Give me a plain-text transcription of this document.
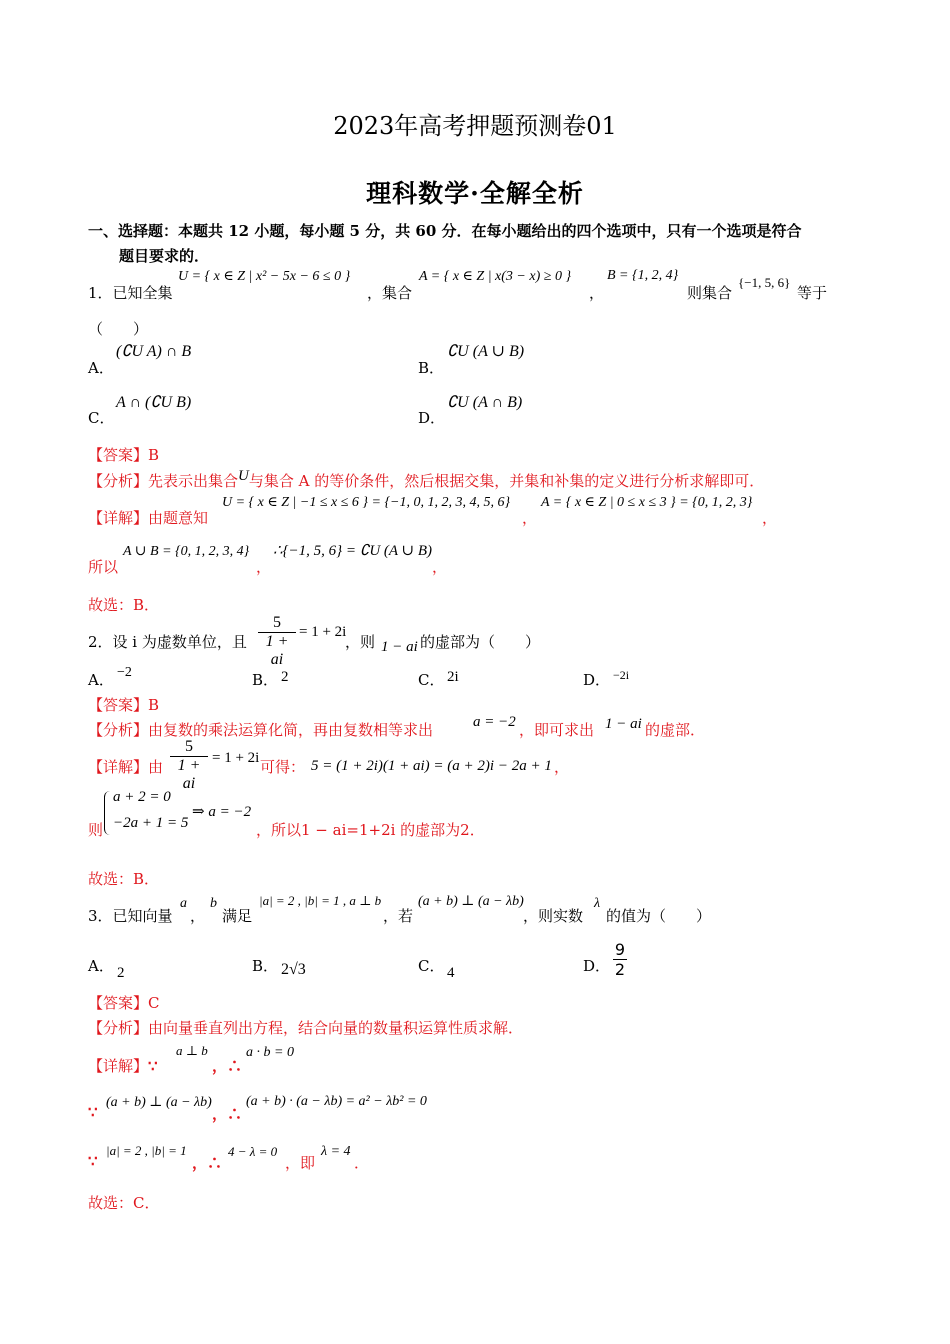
2023年高考押题预测卷01
理科数学·全解全析
一、选择题：本题共 12 小题，每小题 5 分，共 60 分．在每小题给出的四个选项中，只有一个选项是符合
题目要求的．
1．已知全集
U = { x ∈ Z | x² − 5x − 6 ≤ 0 }
，集合
A = { x ∈ Z | x(3 − x) ≥ 0 }
，
B = {1, 2, 4}
则集合
{−1, 5, 6}
等于
（　　）
A．
(∁U A) ∩ B
B．
∁U (A ∪ B)
C．
A ∩ (∁U B)
D．
∁U (A ∩ B)
【答案】B
【分析】先表示出集合U与集合 A 的等价条件，然后根据交集，并集和补集的定义进行分析求解即可．
【详解】由题意知
U = { x ∈ Z | −1 ≤ x ≤ 6 } = {−1, 0, 1, 2, 3, 4, 5, 6}
，
A = { x ∈ Z | 0 ≤ x ≤ 3 } = {0, 1, 2, 3}
，
所以
A ∪ B = {0, 1, 2, 3, 4}
，
∴{−1, 5, 6} = ∁U (A ∪ B)
，
故选：B．
2．设 i 为虚数单位，且
5
1 + ai
= 1 + 2i
，则 1 − ai 的虚部为（　　）
A． −2	B． 2	C． 2i	D． −2i
【答案】B
【分析】由复数的乘法运算化简，再由复数相等求出	a = −2 ，即可求出 1 − ai 的虚部．
【详解】由
5
1 + ai
= 1 + 2i 可得： 5 = (1 + 2i)(1 + ai) = (a + 2)i − 2a + 1 ，
则
a + 2 = 0
−2a + 1 = 5
⇒ a = −2
，所以1 − ai=1+2i 的虚部为2．
故选：B．
3．已知向量
a
，
b
满足
|a| = 2 , |b| = 1 , a ⊥ b
，若
(a + b) ⊥ (a − λb)
，则实数
λ
的值为（　　）
A． 2	B． 2√3	C． 4	D．
9
2
【答案】C
【分析】由向量垂直列出方程，结合向量的数量积运算性质求解．
【详解】∵
a ⊥ b
，∴
a · b = 0
∵
(a + b) ⊥ (a − λb)
，∴
(a + b) · (a − λb) = a² − λb² = 0
∵
|a| = 2 , |b| = 1
，∴
4 − λ = 0
，即
λ = 4
．
故选：C．
